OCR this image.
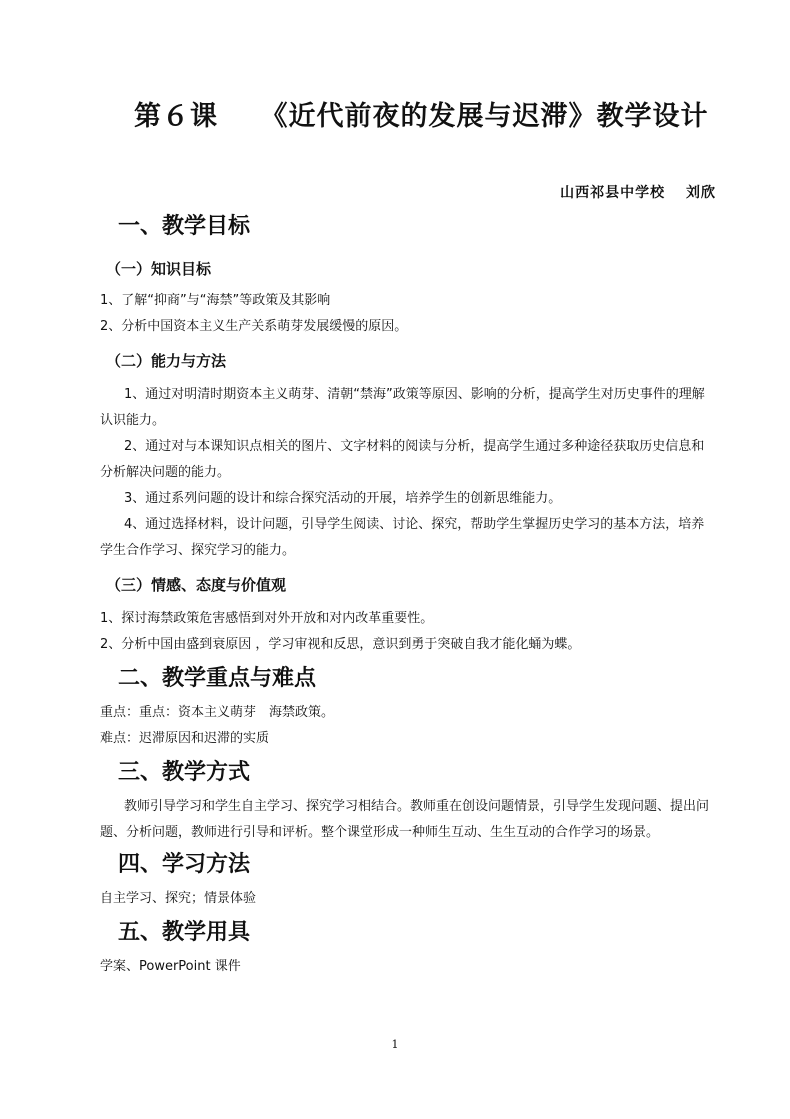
第６课　　《近代前夜的发展与迟滞》教学设计
山西祁县中学校　 刘欣
一、教学目标
（一）知识目标

1、了解“抑商”与“海禁”等政策及其影响

2、分析中国资本主义生产关系萌芽发展缓慢的原因。

（二）能力与方法

1、通过对明清时期资本主义萌芽、清朝“禁海”政策等原因、影响的分析，提高学生对历史事件的理解认识能力。

2、通过对与本课知识点相关的图片、文字材料的阅读与分析，提高学生通过多种途径获取历史信息和分析解决问题的能力。

3、通过系列问题的设计和综合探究活动的开展，培养学生的创新思维能力。

4、通过选择材料，设计问题，引导学生阅读、讨论、探究，帮助学生掌握历史学习的基本方法，培养学生合作学习、探究学习的能力。

（三）情感、态度与价值观

1、探讨海禁政策危害感悟到对外开放和对内改革重要性。

2、分析中国由盛到衰原因 ，学习审视和反思，意识到勇于突破自我才能化蛹为蝶。

二、教学重点与难点

重点：重点：资本主义萌芽　海禁政策。

难点：迟滞原因和迟滞的实质

三、教学方式

教师引导学习和学生自主学习、探究学习相结合。教师重在创设问题情景，引导学生发现问题、提出问题、分析问题，教师进行引导和评析。整个课堂形成一种师生互动、生生互动的合作学习的场景。

四、学习方法

自主学习、探究；情景体验

五、教学用具

学案、PowerPoint 课件

1
